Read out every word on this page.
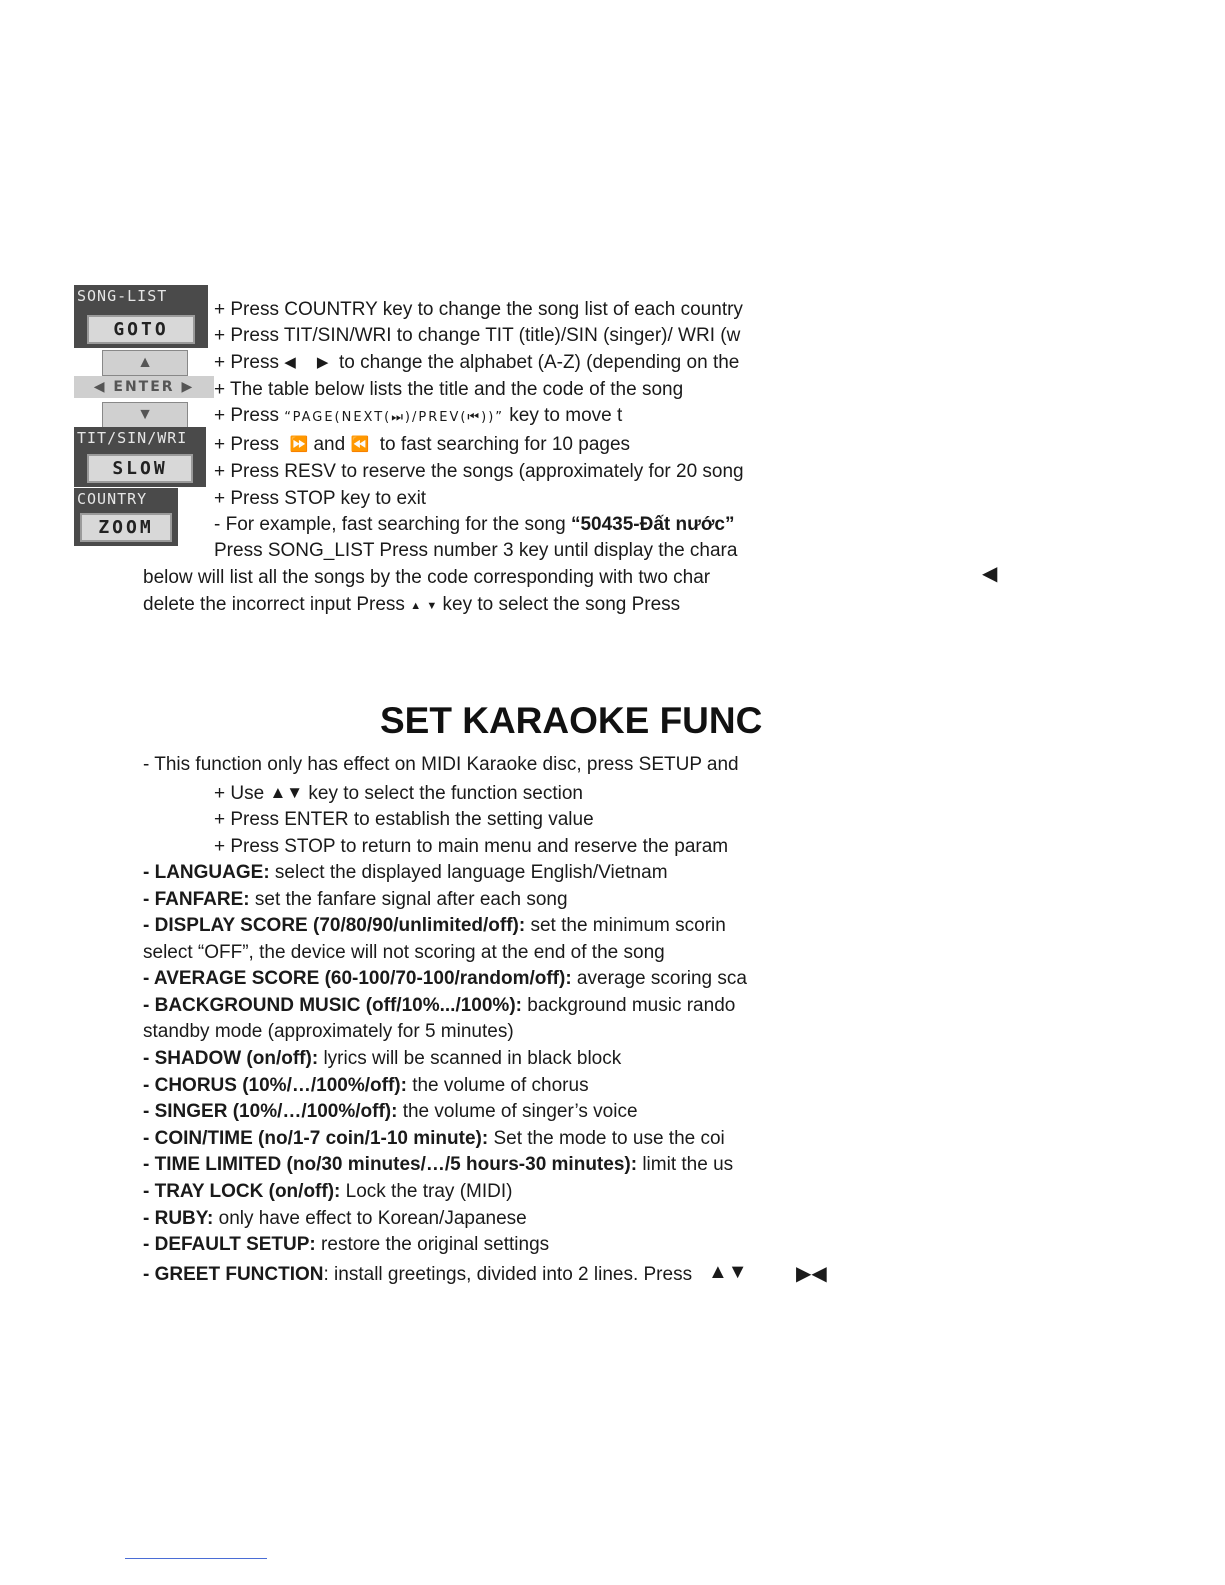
SONG-LIST
GOTO
▲
◀ ENTER ▶
▼
TIT/SIN/WRI
SLOW
COUNTRY
ZOOM
+ Press COUNTRY key to change the song list of each country
+ Press TIT/SIN/WRI to change TIT (title)/SIN (singer)/ WRI (w
+ Press ◀ ▶ to change the alphabet (A-Z) (depending on the
+ The table below lists the title and the code of the song
+ Press “PAGE(NEXT(⏭)/PREV(⏮))” key to move t
+ Press ⏩ and ⏪ to fast searching for 10 pages
+ Press RESV to reserve the songs (approximately for 20 song
+ Press STOP key to exit
- For example, fast searching for the song “50435-Đất nước”
Press SONG_LIST Press number 3 key until display the chara
below will list all the songs by the code corresponding with two char	◀
delete the incorrect input Press ▲ ▼ key to select the song Press
SET KARAOKE FUNC
- This function only has effect on MIDI Karaoke disc, press SETUP and
+ Use ▲▼ key to select the function section
+ Press ENTER to establish the setting value
+ Press STOP to return to main menu and reserve the param
- LANGUAGE: select the displayed language English/Vietnam
- FANFARE: set the fanfare signal after each song
- DISPLAY SCORE (70/80/90/unlimited/off): set the minimum scorin
select “OFF”, the device will not scoring at the end of the song
- AVERAGE SCORE (60-100/70-100/random/off): average scoring sca
- BACKGROUND MUSIC (off/10%.../100%): background music rando
standby mode (approximately for 5 minutes)
- SHADOW (on/off): lyrics will be scanned in black block
- CHORUS (10%/…/100%/off): the volume of chorus
- SINGER (10%/…/100%/off): the volume of singer’s voice
- COIN/TIME (no/1-7 coin/1-10 minute): Set the mode to use the coi
- TIME LIMITED (no/30 minutes/…/5 hours-30 minutes): limit the us
- TRAY LOCK (on/off): Lock the tray (MIDI)
- RUBY: only have effect to Korean/Japanese
- DEFAULT SETUP: restore the original settings
- GREET FUNCTION: install greetings, divided into 2 lines. Press ▲▼ ▶◀
